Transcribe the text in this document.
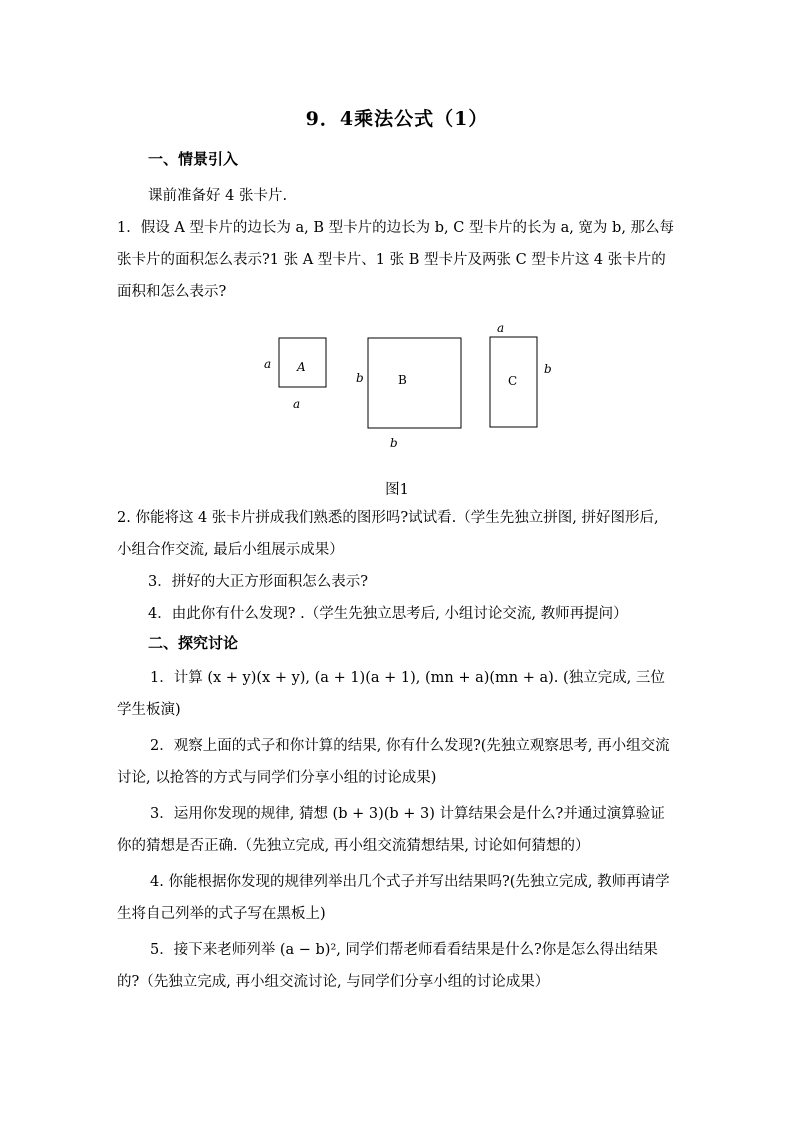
9．4乘法公式（1）
一、情景引入
课前准备好 4 张卡片.
1．假设 A 型卡片的边长为 a, B 型卡片的边长为 b, C 型卡片的长为 a, 宽为 b, 那么每张卡片的面积怎么表示?1 张 A 型卡片、1 张 B 型卡片及两张 C 型卡片这 4 张卡片的面积和怎么表示?
A
a
a
B
b
b
C
a
b
图1
2. 你能将这 4 张卡片拼成我们熟悉的图形吗?试试看.（学生先独立拼图, 拼好图形后, 小组合作交流, 最后小组展示成果）
3．拼好的大正方形面积怎么表示?
4．由此你有什么发现? .（学生先独立思考后, 小组讨论交流, 教师再提问）
二、探究讨论
1．计算 (x + y)(x + y), (a + 1)(a + 1), (mn + a)(mn + a). (独立完成, 三位学生板演)
2．观察上面的式子和你计算的结果, 你有什么发现?(先独立观察思考, 再小组交流讨论, 以抢答的方式与同学们分享小组的讨论成果)
3．运用你发现的规律, 猜想 (b + 3)(b + 3) 计算结果会是什么?并通过演算验证你的猜想是否正确.（先独立完成, 再小组交流猜想结果, 讨论如何猜想的）
4. 你能根据你发现的规律列举出几个式子并写出结果吗?(先独立完成, 教师再请学生将自己列举的式子写在黑板上)
5．接下来老师列举 (a − b)², 同学们帮老师看看结果是什么?你是怎么得出结果的?（先独立完成, 再小组交流讨论, 与同学们分享小组的讨论成果）
